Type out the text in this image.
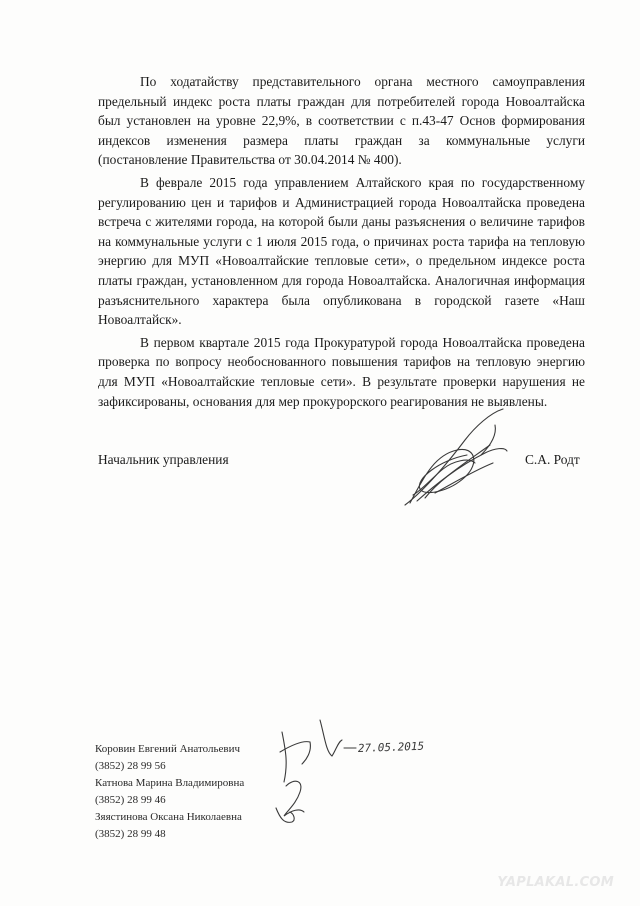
По ходатайству представительного органа местного самоуправления предельный индекс роста платы граждан для потребителей города Новоалтайска был установлен на уровне 22,9%, в соответствии с п.43-47 Основ формирования индексов изменения размера платы граждан за коммунальные услуги (постановление Правительства от 30.04.2014 № 400).

В феврале 2015 года управлением Алтайского края по государственному регулированию цен и тарифов и Администрацией города Новоалтайска проведена встреча с жителями города, на которой были даны разъяснения о величине тарифов на коммунальные услуги с 1 июля 2015 года, о причинах роста тарифа на тепловую энергию для МУП «Новоалтайские тепловые сети», о предельном индексе роста платы граждан, установленном для города Новоалтайска. Аналогичная информация разъяснительного характера была опубликована в городской газете «Наш Новоалтайск».

В первом квартале 2015 года Прокуратурой города Новоалтайска проведена проверка по вопросу необоснованного повышения тарифов на тепловую энергию для МУП «Новоалтайские тепловые сети». В результате проверки нарушения не зафиксированы, основания для мер прокурорского реагирования не выявлены.

Начальник управления	С.А. Родт
27.05.2015
Коровин Евгений Анатольевич
(3852) 28 99 56
Катнова Марина Владимировна
(3852) 28 99 46
Зяястинова Оксана Николаевна
(3852) 28 99 48
YAPLAKAL.COM
